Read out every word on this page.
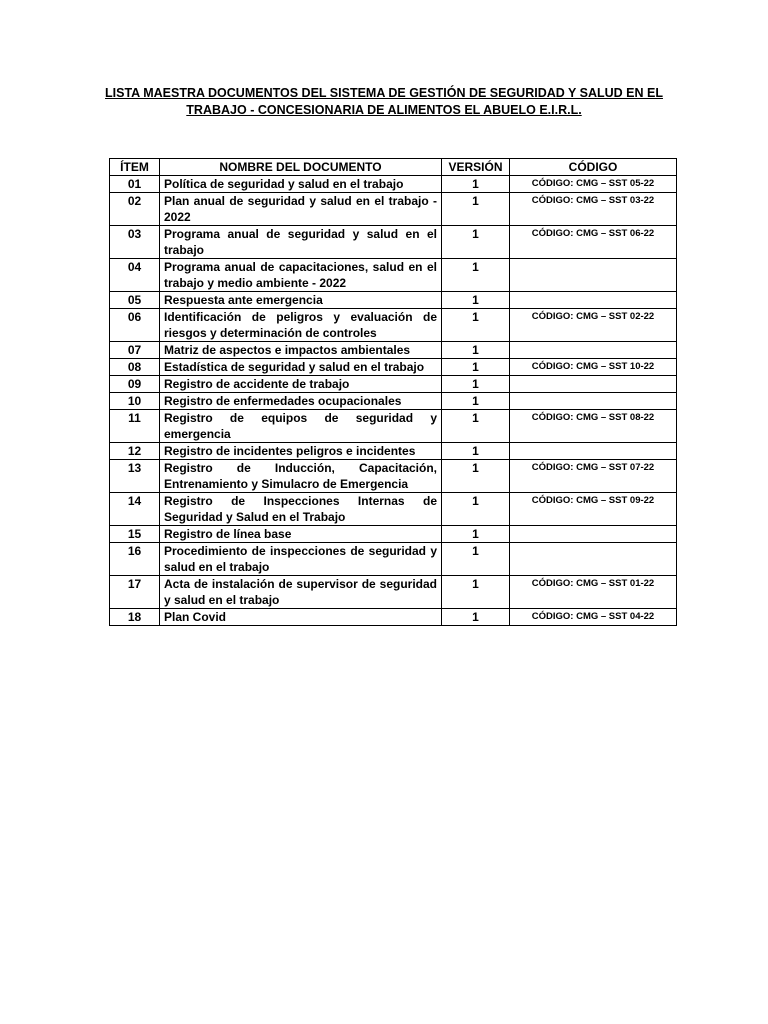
LISTA MAESTRA DOCUMENTOS DEL SISTEMA DE GESTIÓN DE SEGURIDAD Y SALUD EN EL
TRABAJO - CONCESIONARIA DE ALIMENTOS EL ABUELO E.I.R.L.
ÍTEM	NOMBRE DEL DOCUMENTO	VERSIÓN	CÓDIGO
01	Política de seguridad y salud en el trabajo	1	CÓDIGO: CMG – SST 05-22
02	Plan anual de seguridad y salud en el trabajo - 2022	1	CÓDIGO: CMG – SST 03-22
03	Programa anual de seguridad y salud en el trabajo	1	CÓDIGO: CMG – SST 06-22
04	Programa anual de capacitaciones, salud en el trabajo y medio ambiente - 2022	1	
05	Respuesta ante emergencia	1	
06	Identificación de peligros y evaluación de riesgos y determinación de controles	1	CÓDIGO: CMG – SST 02-22
07	Matriz de aspectos e impactos ambientales	1	
08	Estadística de seguridad y salud en el trabajo	1	CÓDIGO: CMG – SST 10-22
09	Registro de accidente de trabajo	1	
10	Registro de enfermedades ocupacionales	1	
11	Registro de equipos de seguridad y emergencia	1	CÓDIGO: CMG – SST 08-22
12	Registro de incidentes peligros e incidentes	1	
13	Registro de Inducción, Capacitación, Entrenamiento y Simulacro de Emergencia	1	CÓDIGO: CMG – SST 07-22
14	Registro de Inspecciones Internas de Seguridad y Salud en el Trabajo	1	CÓDIGO: CMG – SST 09-22
15	Registro de línea base	1	
16	Procedimiento de inspecciones de seguridad y salud en el trabajo	1	
17	Acta de instalación de supervisor de seguridad y salud en el trabajo	1	CÓDIGO: CMG – SST 01-22
18	Plan Covid	1	CÓDIGO: CMG – SST 04-22
